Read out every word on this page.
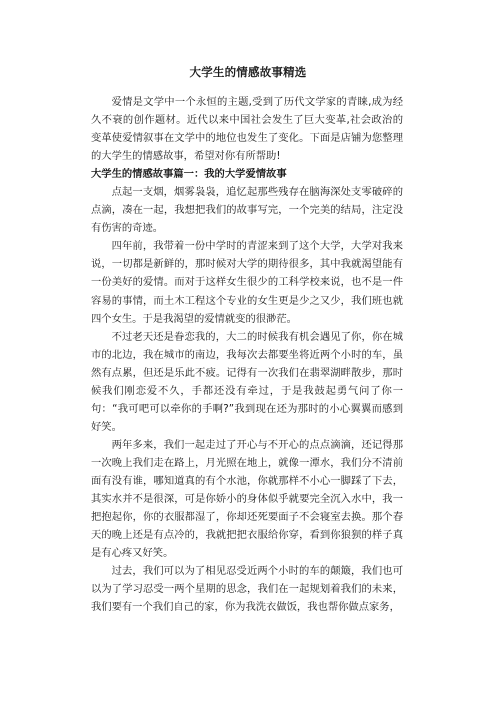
大学生的情感故事精选

爱情是文学中一个永恒的主题,受到了历代文学家的青睐,成为经久不衰的创作题材。近代以来中国社会发生了巨大变革,社会政治的变革使爱情叙事在文学中的地位也发生了变化。下面是店铺为您整理的大学生的情感故事，希望对你有所帮助!

大学生的情感故事篇一：我的大学爱情故事

点起一支烟，烟雾袅袅，追忆起那些残存在脑海深处支零破碎的点滴，凑在一起，我想把我们的故事写完，一个完美的结局，注定没有伤害的奇迹。

四年前，我带着一份中学时的青涩来到了这个大学，大学对我来说，一切都是新鲜的，那时候对大学的期待很多，其中我就渴望能有一份美好的爱情。而对于这样女生很少的工科学校来说，也不是一件容易的事情，而土木工程这个专业的女生更是少之又少，我们班也就四个女生。于是我渴望的爱情就变的很渺茫。

不过老天还是眷恋我的，大二的时候我有机会遇见了你，你在城市的北边，我在城市的南边，我每次去都要坐将近两个小时的车，虽然有点累，但还是乐此不疲。记得有一次我们在翡翠湖畔散步，那时候我们刚恋爱不久，手都还没有牵过，于是我鼓起勇气问了你一句：“我可吧可以牵你的手啊?”我到现在还为那时的小心翼翼而感到好笑。

两年多来，我们一起走过了开心与不开心的点点滴滴，还记得那一次晚上我们走在路上，月光照在地上，就像一潭水，我们分不清前面有没有谁，哪知道真的有个水池，你就那样不小心一脚踩了下去，其实水并不是很深，可是你娇小的身体似乎就要完全沉入水中，我一把抱起你，你的衣服都湿了，你却还死要面子不会寝室去换。那个春天的晚上还是有点冷的，我就把把衣服给你穿，看到你狼狈的样子真是有心疼又好笑。

过去，我们可以为了相见忍受近两个小时的车的颠簸，我们也可以为了学习忍受一两个星期的思念，我们在一起规划着我们的未来，我们要有一个我们自己的家，你为我洗衣做饭，我也帮你做点家务，
